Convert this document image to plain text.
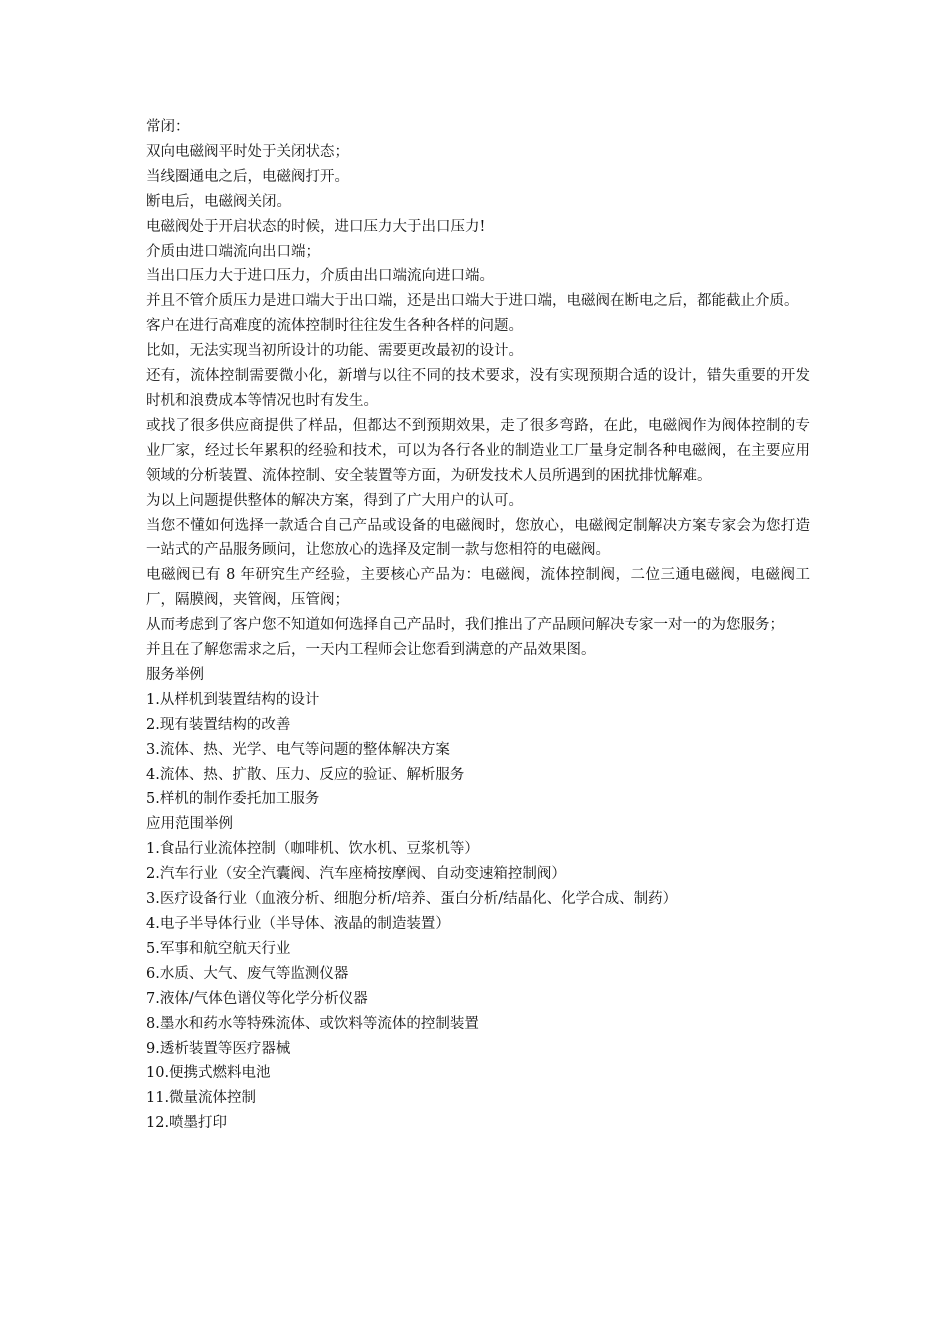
常闭：

双向电磁阀平时处于关闭状态；

当线圈通电之后，电磁阀打开。

断电后，电磁阀关闭。

电磁阀处于开启状态的时候，进口压力大于出口压力!

介质由进口端流向出口端；

当出口压力大于进口压力，介质由出口端流向进口端。

并且不管介质压力是进口端大于出口端，还是出口端大于进口端，电磁阀在断电之后，都能截止介质。

客户在进行高难度的流体控制时往往发生各种各样的问题。

比如，无法实现当初所设计的功能、需要更改最初的设计。

还有，流体控制需要微小化，新增与以往不同的技术要求，没有实现预期合适的设计，错失重要的开发时机和浪费成本等情况也时有发生。

或找了很多供应商提供了样品，但都达不到预期效果，走了很多弯路，在此，电磁阀作为阀体控制的专业厂家，经过长年累积的经验和技术，可以为各行各业的制造业工厂量身定制各种电磁阀，在主要应用领域的分析装置、流体控制、安全装置等方面，为研发技术人员所遇到的困扰排忧解难。

为以上问题提供整体的解决方案，得到了广大用户的认可。

当您不懂如何选择一款适合自己产品或设备的电磁阀时，您放心，电磁阀定制解决方案专家会为您打造一站式的产品服务顾问，让您放心的选择及定制一款与您相符的电磁阀。

电磁阀已有 8 年研究生产经验，主要核心产品为：电磁阀，流体控制阀，二位三通电磁阀，电磁阀工厂，隔膜阀，夹管阀，压管阀；

从而考虑到了客户您不知道如何选择自己产品时，我们推出了产品顾问解决专家一对一的为您服务；

并且在了解您需求之后，一天内工程师会让您看到满意的产品效果图。

服务举例

1.从样机到装置结构的设计

2.现有装置结构的改善

3.流体、热、光学、电气等问题的整体解决方案

4.流体、热、扩散、压力、反应的验证、解析服务

5.样机的制作委托加工服务

应用范围举例

1.食品行业流体控制（咖啡机、饮水机、豆浆机等）

2.汽车行业（安全汽囊阀、汽车座椅按摩阀、自动变速箱控制阀）

3.医疗设备行业（血液分析、细胞分析/培养、蛋白分析/结晶化、化学合成、制药）

4.电子半导体行业（半导体、液晶的制造装置）

5.军事和航空航天行业

6.水质、大气、废气等监测仪器

7.液体/气体色谱仪等化学分析仪器

8.墨水和药水等特殊流体、或饮料等流体的控制装置

9.透析装置等医疗器械

10.便携式燃料电池

11.微量流体控制

12.喷墨打印
